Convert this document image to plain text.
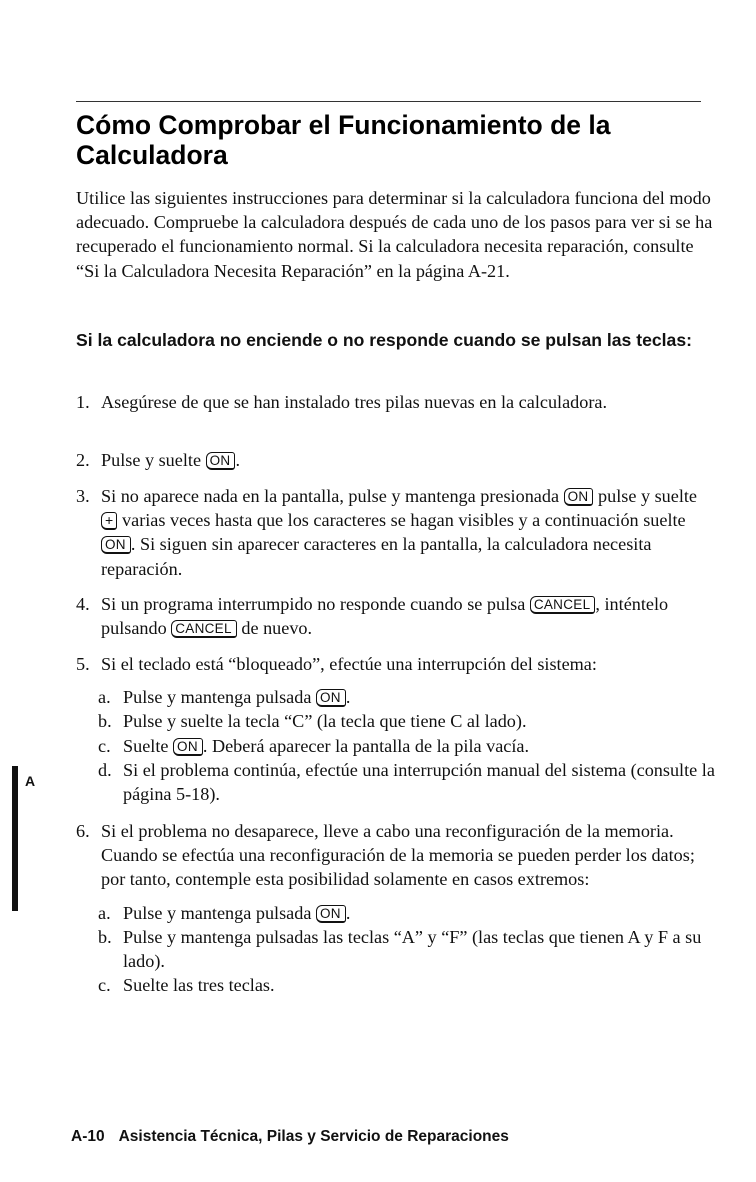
Cómo Comprobar el Funcionamiento de la Calculadora
Utilice las siguientes instrucciones para determinar si la calculadora funciona del modo adecuado. Compruebe la calculadora después de cada uno de los pasos para ver si se ha recuperado el funcionamiento normal. Si la calculadora necesita reparación, consulte “Si la Calculadora Necesita Reparación” en la página A-21.
Si la calculadora no enciende o no responde cuando se pulsan las teclas:
1. Asegúrese de que se han instalado tres pilas nuevas en la calculadora.
2. Pulse y suelte ON .
3. Si no aparece nada en la pantalla, pulse y mantenga presionada ON pulse y suelte + varias veces hasta que los caracteres se hagan visibles y a continuación suelte ON . Si siguen sin aparecer caracteres en la pantalla, la calculadora necesita reparación.
4. Si un programa interrumpido no responde cuando se pulsa CANCEL , inténtelo pulsando CANCEL de nuevo.
5. Si el teclado está “bloqueado”, efectúe una interrupción del sistema:
a. Pulse y mantenga pulsada ON .
b. Pulse y suelte la tecla “C” (la tecla que tiene C al lado).
c. Suelte ON . Deberá aparecer la pantalla de la pila vacía.
d. Si el problema continúa, efectúe una interrupción manual del sistema (consulte la página 5-18).
6. Si el problema no desaparece, lleve a cabo una reconfiguración de la memoria. Cuando se efectúa una reconfiguración de la memoria se pueden perder los datos; por tanto, contemple esta posibilidad solamente en casos extremos:
a. Pulse y mantenga pulsada ON .
b. Pulse y mantenga pulsadas las teclas “A” y “F” (las teclas que tienen A y F a su lado).
c. Suelte las tres teclas.
A
A-10 Asistencia Técnica, Pilas y Servicio de Reparaciones
